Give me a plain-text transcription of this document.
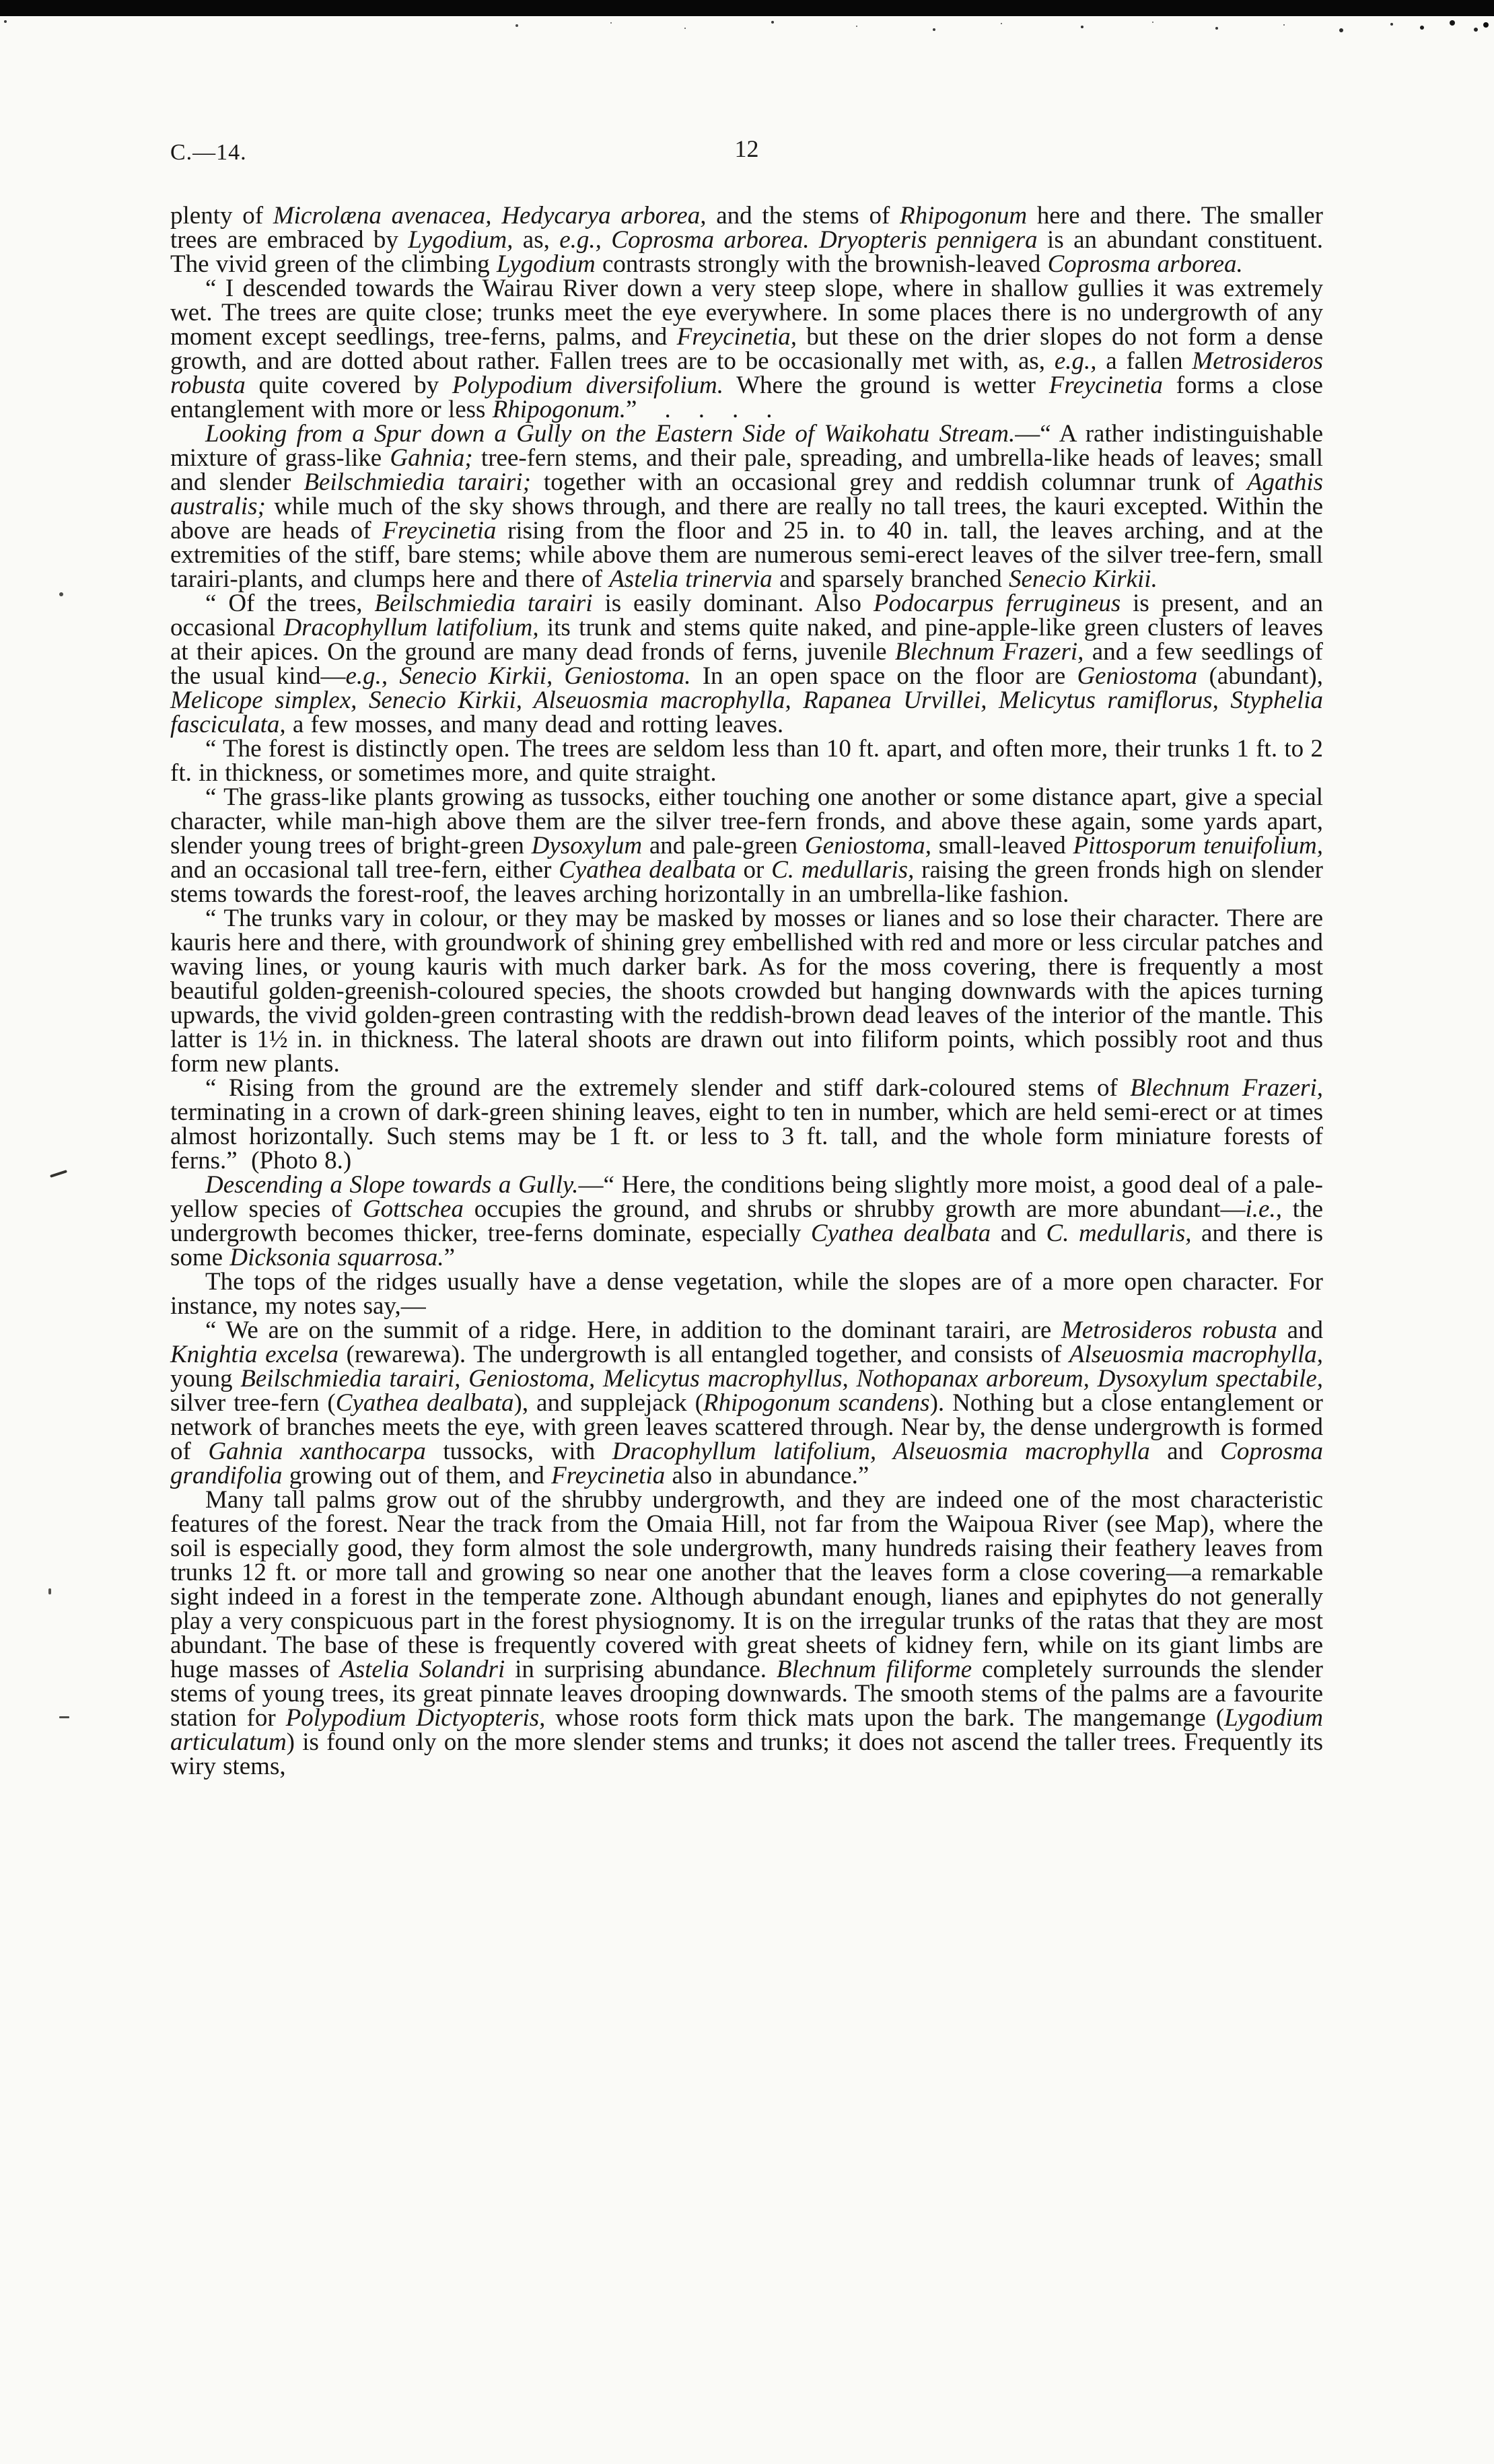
C.—14.	12

plenty of Microlæna avenacea, Hedycarya arborea, and the stems of Rhipogonum here and there. The smaller trees are embraced by Lygodium, as, e.g., Coprosma arborea. Dryopteris pennigera is an abundant constituent. The vivid green of the climbing Lygodium contrasts strongly with the brownish-leaved Coprosma arborea.

“ I descended towards the Wairau River down a very steep slope, where in shallow gullies it was extremely wet. The trees are quite close; trunks meet the eye everywhere. In some places there is no undergrowth of any moment except seedlings, tree-ferns, palms, and Freycinetia, but these on the drier slopes do not form a dense growth, and are dotted about rather. Fallen trees are to be occasionally met with, as, e.g., a fallen Metrosideros robusta quite covered by Polypodium diversifolium. Where the ground is wetter Freycinetia forms a close entanglement with more or less Rhipogonum.”    .    .    .    .

Looking from a Spur down a Gully on the Eastern Side of Waikohatu Stream.—“ A rather indistinguishable mixture of grass-like Gahnia; tree-fern stems, and their pale, spreading, and umbrella-like heads of leaves; small and slender Beilschmiedia tarairi; together with an occasional grey and reddish columnar trunk of Agathis australis; while much of the sky shows through, and there are really no tall trees, the kauri excepted. Within the above are heads of Freycinetia rising from the floor and 25 in. to 40 in. tall, the leaves arching, and at the extremities of the stiff, bare stems; while above them are numerous semi-erect leaves of the silver tree-fern, small tarairi-plants, and clumps here and there of Astelia trinervia and sparsely branched Senecio Kirkii.

“ Of the trees, Beilschmiedia tarairi is easily dominant. Also Podocarpus ferrugineus is present, and an occasional Dracophyllum latifolium, its trunk and stems quite naked, and pine-apple-like green clusters of leaves at their apices. On the ground are many dead fronds of ferns, juvenile Blechnum Frazeri, and a few seedlings of the usual kind—e.g., Senecio Kirkii, Geniostoma. In an open space on the floor are Geniostoma (abundant), Melicope simplex, Senecio Kirkii, Alseuosmia macrophylla, Rapanea Urvillei, Melicytus ramiflorus, Styphelia fasciculata, a few mosses, and many dead and rotting leaves.

“ The forest is distinctly open. The trees are seldom less than 10 ft. apart, and often more, their trunks 1 ft. to 2 ft. in thickness, or sometimes more, and quite straight.

“ The grass-like plants growing as tussocks, either touching one another or some distance apart, give a special character, while man-high above them are the silver tree-fern fronds, and above these again, some yards apart, slender young trees of bright-green Dysoxylum and pale-green Geniostoma, small-leaved Pittosporum tenuifolium, and an occasional tall tree-fern, either Cyathea dealbata or C. medullaris, raising the green fronds high on slender stems towards the forest-roof, the leaves arching horizontally in an umbrella-like fashion.

“ The trunks vary in colour, or they may be masked by mosses or lianes and so lose their character. There are kauris here and there, with groundwork of shining grey embellished with red and more or less circular patches and waving lines, or young kauris with much darker bark. As for the moss covering, there is frequently a most beautiful golden-greenish-coloured species, the shoots crowded but hanging downwards with the apices turning upwards, the vivid golden-green contrasting with the reddish-brown dead leaves of the interior of the mantle. This latter is 1½ in. in thickness. The lateral shoots are drawn out into filiform points, which possibly root and thus form new plants.

“ Rising from the ground are the extremely slender and stiff dark-coloured stems of Blechnum Frazeri, terminating in a crown of dark-green shining leaves, eight to ten in number, which are held semi-erect or at times almost horizontally. Such stems may be 1 ft. or less to 3 ft. tall, and the whole form miniature forests of ferns.”  (Photo 8.)

Descending a Slope towards a Gully.—“ Here, the conditions being slightly more moist, a good deal of a pale-yellow species of Gottschea occupies the ground, and shrubs or shrubby growth are more abundant—i.e., the undergrowth becomes thicker, tree-ferns dominate, especially Cyathea dealbata and C. medullaris, and there is some Dicksonia squarrosa.”

The tops of the ridges usually have a dense vegetation, while the slopes are of a more open character. For instance, my notes say,—

“ We are on the summit of a ridge. Here, in addition to the dominant tarairi, are Metrosideros robusta and Knightia excelsa (rewarewa). The undergrowth is all entangled together, and consists of Alseuosmia macrophylla, young Beilschmiedia tarairi, Geniostoma, Melicytus macrophyllus, Nothopanax arboreum, Dysoxylum spectabile, silver tree-fern (Cyathea dealbata), and supplejack (Rhipogonum scandens). Nothing but a close entanglement or network of branches meets the eye, with green leaves scattered through. Near by, the dense undergrowth is formed of Gahnia xanthocarpa tussocks, with Dracophyllum latifolium, Alseuosmia macrophylla and Coprosma grandifolia growing out of them, and Freycinetia also in abundance.”

Many tall palms grow out of the shrubby undergrowth, and they are indeed one of the most characteristic features of the forest. Near the track from the Omaia Hill, not far from the Waipoua River (see Map), where the soil is especially good, they form almost the sole undergrowth, many hundreds raising their feathery leaves from trunks 12 ft. or more tall and growing so near one another that the leaves form a close covering—a remarkable sight indeed in a forest in the temperate zone. Although abundant enough, lianes and epiphytes do not generally play a very conspicuous part in the forest physiognomy. It is on the irregular trunks of the ratas that they are most abundant. The base of these is frequently covered with great sheets of kidney fern, while on its giant limbs are huge masses of Astelia Solandri in surprising abundance. Blechnum filiforme completely surrounds the slender stems of young trees, its great pinnate leaves drooping downwards. The smooth stems of the palms are a favourite station for Polypodium Dictyopteris, whose roots form thick mats upon the bark. The mangemange (Lygodium articulatum) is found only on the more slender stems and trunks; it does not ascend the taller trees. Frequently its wiry stems,
